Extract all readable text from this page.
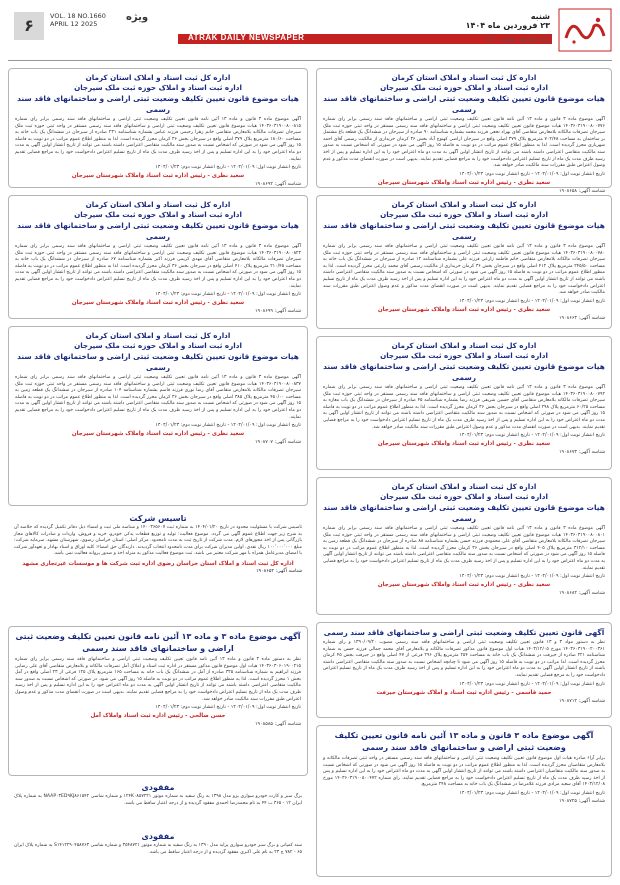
۶	VOL. 18 NO.1660
APRIL 12 2025
ویژه
ATRAK DAILY NEWSPAPER
شنبه
۲۳ فروردین ماه ۱۴۰۴
سال هجدهم، شماره ۱۶۶۰
اداره کل ثبت اسناد و املاک استان کرمان
اداره ثبت اسناد و املاک حوزه ثبت ملک سیرجان
هیات موضوع قانون تعیین تکلیف وضعیت ثبتی اراضی و ساختمانهای فاقد سند رسمی
آگهی موضوع ماده ۳ قانون و ماده ۱۳ آئین نامه قانون تعیین تکلیف وضعیت ثبتی اراضی و ساختمانهای فاقد سند رسمی برابر رای شماره ۱۴۰۳۶۰۳۱۹۰۰۸۰۰۷۷۶ هیات موضوع قانون تعیین تکلیف وضعیت ثبتی اراضی و ساختمانهای فاقد سند رسمی مستقر در واحد ثبتی حوزه ثبت ملک سیرجان تصرفات مالکانه بلامعارض متقاضی آقای بهزاد نخعی فرزند محمد بشماره شناسنامه ۹۰ صادره از سیرجان در ششدانگ یک قطعه باغ مشتمل بر ساختمان به مساحت ۷۰۲/۴۸ مترمربع پلاک ۳۷۹ اصلی واقع در سیرجان اراضی کهنوج آباد بخش ۳۶ کرمان خریداری از مالکیت رسمی آقای احمد شهریاری محرز گردیده است. لذا به منظور اطلاع عموم مراتب در دو نوبت به فاصله ۱۵ روز آگهی می شود در صورتی که اشخاص نسبت به صدور سند مالکیت متقاضی اعتراضی داشته باشند می توانند از تاریخ انتشار اولین آگهی به مدت دو ماه اعتراض خود را به این اداره تسلیم و پس از اخذ رسید ظرف مدت یک ماه از تاریخ تسلیم اعتراض دادخواست خود را به مراجع قضایی تقدیم نمایند. بدیهی است در صورت انقضای مدت مذکور و عدم وصول اعتراض طبق مقررات سند مالکیت صادر خواهد شد.
تاریخ انتشار نوبت اول: ۱۴۰۴/۰۱/۰۹ - تاریخ انتشار نوبت دوم: ۱۴۰۴/۰۱/۲۳
سعید نظری - رئیس اداره ثبت اسناد واملاک شهرستان سیرجان
شناسه آگهی: ۱۹۰۸۶۵۸
اداره کل ثبت اسناد و املاک استان کرمان
اداره ثبت اسناد و املاک حوزه ثبت ملک سیرجان
هیات موضوع قانون تعیین تکلیف وضعیت ثبتی اراضی و ساختمانهای فاقد سند رسمی
آگهی موضوع ماده ۳ قانون و ماده ۱۳ آئین نامه قانون تعیین تکلیف وضعیت ثبتی اراضی و ساختمانهای فاقد سند رسمی برابر رای شماره ۱۴۰۳۶۰۳۱۹۰۰۸۰۰۷۸۰ هیات موضوع قانون تعیین تکلیف وضعیت ثبتی اراضی و ساختمانهای فاقد سند رسمی مستقر در واحد ثبتی حوزه ثبت ملک سیرجان تصرفات مالکانه بلامعارض متقاضی خانم فاطمه زارعی فرزند علی بشماره شناسنامه ۱۲ صادره از سیرجان در ششدانگ یک باب خانه به مساحت ۲۴۵/۵۰ مترمربع پلاک ۴۱۲ اصلی واقع در سیرجان بخش ۳۶ کرمان خریداری از مالکیت رسمی آقای محمد زارعی محرز گردیده است. لذا به منظور اطلاع عموم مراتب در دو نوبت به فاصله ۱۵ روز آگهی می شود در صورتی که اشخاص نسبت به صدور سند مالکیت متقاضی اعتراضی داشته باشند می توانند از تاریخ انتشار اولین آگهی به مدت دو ماه اعتراض خود را به این اداره تسلیم و پس از اخذ رسید ظرف مدت یک ماه از تاریخ تسلیم اعتراض دادخواست خود را به مراجع قضایی تقدیم نمایند. بدیهی است در صورت انقضای مدت مذکور و عدم وصول اعتراض طبق مقررات سند مالکیت صادر خواهد شد.
تاریخ انتشار نوبت اول: ۱۴۰۴/۰۱/۰۹ - تاریخ انتشار نوبت دوم: ۱۴۰۴/۰۱/۲۳
سعید نظری - رئیس اداره ثبت اسناد واملاک شهرستان سیرجان
شناسه آگهی: ۱۹۰۸۶۶۳
اداره کل ثبت اسناد و املاک استان کرمان
اداره ثبت اسناد و املاک حوزه ثبت ملک سیرجان
هیات موضوع قانون تعیین تکلیف وضعیت ثبتی اراضی و ساختمانهای فاقد سند رسمی
آگهی موضوع ماده ۳ قانون و ماده ۱۳ آئین نامه قانون تعیین تکلیف وضعیت ثبتی اراضی و ساختمانهای فاقد سند رسمی برابر رای شماره ۱۴۰۳۶۰۳۱۹۰۰۸۰۰۷۹۲ هیات موضوع قانون تعیین تکلیف وضعیت ثبتی اراضی و ساختمانهای فاقد سند رسمی مستقر در واحد ثبتی حوزه ثبت ملک سیرجان تصرفات مالکانه بلامعارض متقاضی آقای حسین شریفی فرزند رضا بشماره شناسنامه ۴۵ صادره از سیرجان در ششدانگ یک باب مغازه به مساحت ۶۰/۲۵ مترمربع پلاک ۲۹۸ اصلی واقع در سیرجان بخش ۳۶ کرمان محرز گردیده است. لذا به منظور اطلاع عموم مراتب در دو نوبت به فاصله ۱۵ روز آگهی می شود در صورتی که اشخاص نسبت به صدور سند مالکیت متقاضی اعتراضی داشته باشند می توانند از تاریخ انتشار اولین آگهی به مدت دو ماه اعتراض خود را به این اداره تسلیم و پس از اخذ رسید ظرف مدت یک ماه از تاریخ تسلیم اعتراض دادخواست خود را به مراجع قضایی تقدیم نمایند. بدیهی است در صورت انقضای مدت مذکور و عدم وصول اعتراض طبق مقررات سند مالکیت صادر خواهد شد.
تاریخ انتشار نوبت اول: ۱۴۰۴/۰۱/۰۹ - تاریخ انتشار نوبت دوم: ۱۴۰۴/۰۱/۲۳
سعید نظری - رئیس اداره ثبت اسناد واملاک شهرستان سیرجان
شناسه آگهی: ۱۹۰۸۶۷۳
اداره کل ثبت اسناد و املاک استان کرمان
اداره ثبت اسناد و املاک حوزه ثبت ملک سیرجان
هیات موضوع قانون تعیین تکلیف وضعیت ثبتی اراضی و ساختمانهای فاقد سند رسمی
آگهی موضوع ماده ۳ قانون و ماده ۱۳ آئین نامه قانون تعیین تکلیف وضعیت ثبتی اراضی و ساختمانهای فاقد سند رسمی برابر رای شماره ۱۴۰۳۶۰۳۱۹۰۰۸۰۰۸۰۱ هیات موضوع قانون تعیین تکلیف وضعیت ثبتی اراضی و ساختمانهای فاقد سند رسمی مستقر در واحد ثبتی حوزه ثبت ملک سیرجان تصرفات مالکانه بلامعارض متقاضی آقای علی محمودی فرزند حسن بشماره شناسنامه ۸۸ صادره از سیرجان در ششدانگ یک قطعه زمین به مساحت ۳۱۲/۱۰ مترمربع پلاک ۴۰۵ اصلی واقع در سیرجان بخش ۳۶ کرمان محرز گردیده است. لذا به منظور اطلاع عموم مراتب در دو نوبت به فاصله ۱۵ روز آگهی می شود در صورتی که اشخاص نسبت به صدور سند مالکیت متقاضی اعتراضی داشته باشند می توانند از تاریخ انتشار اولین آگهی به مدت دو ماه اعتراض خود را به این اداره تسلیم و پس از اخذ رسید ظرف مدت یک ماه از تاریخ تسلیم اعتراض دادخواست خود را به مراجع قضایی تقدیم نمایند.
تاریخ انتشار نوبت اول: ۱۴۰۴/۰۱/۰۹ - تاریخ انتشار نوبت دوم: ۱۴۰۴/۰۱/۲۳
سعید نظری - رئیس اداره ثبت اسناد واملاک شهرستان سیرجان
شناسه آگهی: ۱۹۰۸۶۸۲
آگهی قانون تعیین تکلیف وضعیت ثبتی اراضی و ساختمانهای فاقد سند رسمی
نظر به دستور مواد ۳ و ۱۳ قانون تعیین تکلیف وضعیت ثبتی اراضی و ساختمانهای فاقد سند رسمی مصوب ۱۳۹۰/۰۹/۲۰ و رای شماره ۱۴۰۳۶۰۳۱۹۰۰۲۰۰۳۶۱ مورخ ۱۴۰۳/۱۲/۰۵ هیات اول موضوع قانون مذکور تصرفات مالکانه و بلامعارض آقای محمد جمالی فرزند حسن به شماره شناسنامه ۲۲۱ صادره از جیرفت در ششدانگ یک باب خانه به مساحت ۲۵۴ مترمربع پلاک ۲۹۶ فرعی از ۴۷ اصلی واقع در جیرفت بخش ۴۵ کرمان محرز گردیده است. لذا مراتب در دو نوبت به فاصله ۱۵ روز آگهی می شود تا چنانچه اشخاص نسبت به صدور سند مالکیت متقاضی اعتراضی داشته باشند از تاریخ انتشار اولین آگهی به مدت دو ماه اعتراض خود را به این اداره تسلیم و پس از اخذ رسید ظرف مدت یک ماه از تاریخ تسلیم اعتراض دادخواست خود را به مرجع قضایی تقدیم نمایند.
تاریخ انتشار نوبت اول: ۱۴۰۴/۰۱/۰۹ - تاریخ انتشار نوبت دوم: ۱۴۰۴/۰۱/۲۳
حمید قاسمی - رئیس اداره ثبت اسناد و املاک شهرستان جیرفت
شناسه آگهی: ۱۹۰۸۷۱۲
آگهی موضوع ماده ۳ قانون و ماده ۱۳ آئین نامه قانون تعیین تکلیف وضعیت ثبتی اراضی و ساختمانهای فاقد سند رسمی
برابر آراء صادره هیات اول موضوع قانون تعیین تکلیف وضعیت ثبتی اراضی و ساختمانهای فاقد سند رسمی مستقر در واحد ثبتی تصرفات مالکانه و بلامعارض متقاضیان محرز گردیده است. لذا به منظور اطلاع عموم مراتب در دو نوبت به فاصله ۱۵ روز آگهی می شود در صورتی که اشخاص نسبت به صدور سند مالکیت متقاضیان اعتراضی داشته باشند می توانند از تاریخ انتشار اولین آگهی به مدت دو ماه اعتراض خود را به این اداره تسلیم و پس از اخذ رسید ظرف مدت یک ماه از تاریخ تسلیم اعتراض دادخواست خود را به مراجع قضایی تقدیم نمایند. رای شماره ۱۴۰۳۶۰۳۱۹۰۰۵۰۰۴۷۲ مورخ ۱۴۰۳/۱۲/۰۸ آقای سعید مرادی فرزند غلامرضا در ششدانگ یک باب خانه به مساحت ۲۴۸ مترمربع.
تاریخ انتشار نوبت اول: ۱۴۰۴/۰۱/۰۹ - تاریخ انتشار نوبت دوم: ۱۴۰۴/۰۱/۲۳
شناسه آگهی: ۱۹۰۸۷۲۵
اداره کل ثبت اسناد و املاک استان کرمان
اداره ثبت اسناد و املاک حوزه ثبت ملک سیرجان
هیات موضوع قانون تعیین تکلیف وضعیت ثبتی اراضی و ساختمانهای فاقد سند رسمی
آگهی موضوع ماده ۳ قانون و ماده ۱۳ آئین نامه قانون تعیین تکلیف وضعیت ثبتی اراضی و ساختمانهای فاقد سند رسمی برابر رای شماره ۱۴۰۳۶۰۳۱۹۰۰۸۰۰۸۱۵ هیات موضوع قانون تعیین تکلیف وضعیت ثبتی اراضی و ساختمانهای فاقد سند رسمی مستقر در واحد ثبتی حوزه ثبت ملک سیرجان تصرفات مالکانه بلامعارض متقاضی خانم زهرا رحیمی فرزند عباس بشماره شناسنامه ۲۳۱ صادره از سیرجان در ششدانگ یک باب خانه به مساحت ۱۸۰/۶۰ مترمربع پلاک ۳۷۹ اصلی واقع در سیرجان بخش ۳۶ کرمان محرز گردیده است. لذا به منظور اطلاع عموم مراتب در دو نوبت به فاصله ۱۵ روز آگهی می شود در صورتی که اشخاص نسبت به صدور سند مالکیت متقاضی اعتراضی داشته باشند می توانند از تاریخ انتشار اولین آگهی به مدت دو ماه اعتراض خود را به این اداره تسلیم و پس از اخذ رسید ظرف مدت یک ماه از تاریخ تسلیم اعتراض دادخواست خود را به مراجع قضایی تقدیم نمایند.
تاریخ انتشار نوبت اول: ۱۴۰۴/۰۱/۰۹ - تاریخ انتشار نوبت دوم: ۱۴۰۴/۰۱/۲۳
سعید نظری - رئیس اداره ثبت اسناد واملاک شهرستان سیرجان
شناسه آگهی: ۱۹۰۸۶۹۲
اداره کل ثبت اسناد و املاک استان کرمان
اداره ثبت اسناد و املاک حوزه ثبت ملک سیرجان
هیات موضوع قانون تعیین تکلیف وضعیت ثبتی اراضی و ساختمانهای فاقد سند رسمی
آگهی موضوع ماده ۳ قانون و ماده ۱۳ آئین نامه قانون تعیین تکلیف وضعیت ثبتی اراضی و ساختمانهای فاقد سند رسمی برابر رای شماره ۱۴۰۳۶۰۳۱۹۰۰۸۰۰۸۲۳ هیات موضوع قانون تعیین تکلیف وضعیت ثبتی اراضی و ساختمانهای فاقد سند رسمی مستقر در واحد ثبتی حوزه ثبت ملک سیرجان تصرفات مالکانه بلامعارض متقاضی آقای مهدی کریمی فرزند اکبر بشماره شناسنامه ۶۷ صادره از سیرجان در ششدانگ یک باب خانه به مساحت ۲۱۰/۴۵ مترمربع پلاک ۴۱۰ اصلی واقع در سیرجان بخش ۳۶ کرمان محرز گردیده است. لذا به منظور اطلاع عموم مراتب در دو نوبت به فاصله ۱۵ روز آگهی می شود در صورتی که اشخاص نسبت به صدور سند مالکیت متقاضی اعتراضی داشته باشند می توانند از تاریخ انتشار اولین آگهی به مدت دو ماه اعتراض خود را به این اداره تسلیم و پس از اخذ رسید ظرف مدت یک ماه از تاریخ تسلیم اعتراض دادخواست خود را به مراجع قضایی تقدیم نمایند.
تاریخ انتشار نوبت اول: ۱۴۰۴/۰۱/۰۹ - تاریخ انتشار نوبت دوم: ۱۴۰۴/۰۱/۲۳
سعید نظری - رئیس اداره ثبت اسناد واملاک شهرستان سیرجان
شناسه آگهی: ۱۹۰۸۶۹۹
اداره کل ثبت اسناد و املاک استان کرمان
اداره ثبت اسناد و املاک حوزه ثبت ملک سیرجان
هیات موضوع قانون تعیین تکلیف وضعیت ثبتی اراضی و ساختمانهای فاقد سند رسمی
آگهی موضوع ماده ۳ قانون و ماده ۱۳ آئین نامه قانون تعیین تکلیف وضعیت ثبتی اراضی و ساختمانهای فاقد سند رسمی برابر رای شماره ۱۴۰۳۶۰۳۱۹۰۰۸۰۰۸۳۷ هیات موضوع قانون تعیین تکلیف وضعیت ثبتی اراضی و ساختمانهای فاقد سند رسمی مستقر در واحد ثبتی حوزه ثبت ملک سیرجان تصرفات مالکانه بلامعارض متقاضی آقای رضا نوری فرزند قاسم بشماره شناسنامه ۱۰۴ صادره از سیرجان در ششدانگ یک قطعه زمین به مساحت ۴۵۰/۰۰ مترمربع پلاک ۳۸۵ اصلی واقع در سیرجان بخش ۳۶ کرمان محرز گردیده است. لذا به منظور اطلاع عموم مراتب در دو نوبت به فاصله ۱۵ روز آگهی می شود در صورتی که اشخاص نسبت به صدور سند مالکیت متقاضی اعتراضی داشته باشند می توانند از تاریخ انتشار اولین آگهی به مدت دو ماه اعتراض خود را به این اداره تسلیم و پس از اخذ رسید ظرف مدت یک ماه از تاریخ تسلیم اعتراض دادخواست خود را به مراجع قضایی تقدیم نمایند.
تاریخ انتشار نوبت اول: ۱۴۰۴/۰۱/۰۹ - تاریخ انتشار نوبت دوم: ۱۴۰۴/۰۱/۲۳
سعید نظری - رئیس اداره ثبت اسناد واملاک شهرستان سیرجان
شناسه آگهی: ۱۹۰۸۷۰۷
تاسیس شرکت
تاسیس شرکت با مسئولیت محدود در تاریخ ۱۴۰۴/۰۱/۲۰ به شماره ثبت ۱۴۰۰۳۶۵۶۰۷ و شناسه ملی ثبت و امضاء ذیل دفاتر تکمیل گردیده که خلاصه آن به شرح زیر جهت اطلاع عموم آگهی می گردد. موضوع فعالیت: تولید و توزیع قطعات یدکی خودرو، خرید و فروش، واردات و صادرات کالاهای مجاز بازرگانی پس از اخذ مجوزهای لازم. مدت شرکت از تاریخ ثبت به مدت نامحدود. مرکز اصلی: استان خراسان رضوی، شهرستان مشهد. سرمایه شرکت: مبلغ ۱۰۰٬۰۰۰٬۰۰۰ ریال نقدی. اولین مدیران شرکت برای مدت نامحدود انتخاب گردیدند. دارندگان حق امضاء: کلیه اوراق و اسناد بهادار و تعهدآور شرکت با امضای مدیرعامل همراه با مهر شرکت معتبر می باشد. ثبت موضوع فعالیت مذکور به منزله اخذ و صدور پروانه فعالیت نمی باشد.
اداره کل ثبت اسناد و املاک استان خراسان رضوی اداره ثبت شرکت ها و موسسات غیرتجاری مشهد
شناسه آگهی: ۱۹۰۸۶۵۲
آگهی موضوع ماده ۳ و ماده ۱۳ آئین نامه قانون تعیین تکلیف وضعیت ثبتی اراضی و ساختمانهای فاقد سند رسمی
نظر به دستور ماده ۳ قانون و ماده ۱۳ آئین نامه قانون تعیین تکلیف وضعیت ثبتی اراضی و ساختمانهای فاقد سند رسمی برابر رای شماره ۱۴۰۳۶۰۳۰۶۰۱۹۰۰۲۱۵ هیات اول موضوع قانون مذکور مستقر در اداره ثبت اسناد و املاک آمل تصرفات مالکانه و بلامعارض متقاضی آقای علی رضایی فرزند ابراهیم به شماره شناسنامه ۳۲۵ صادره از آمل در ششدانگ یک باب خانه به مساحت ۱۶۵ مترمربع پلاک ۱۲۵ فرعی از ۲۳ اصلی واقع در آمل بخش ۱ محرز گردیده است. لذا به منظور اطلاع عموم مراتب در دو نوبت به فاصله ۱۵ روز آگهی می شود. در صورتی که اشخاص نسبت به صدور سند مالکیت متقاضی اعتراضی داشته باشند می توانند از تاریخ انتشار اولین آگهی به مدت دو ماه اعتراض خود را به این اداره تسلیم و پس از اخذ رسید ظرف مدت یک ماه از تاریخ تسلیم اعتراض دادخواست خود را به مراجع قضایی تقدیم نمایند. بدیهی است در صورت انقضای مدت مذکور و عدم وصول اعتراض طبق مقررات سند مالکیت صادر خواهد شد.
تاریخ انتشار نوبت اول: ۱۴۰۴/۰۱/۰۹ - تاریخ انتشار نوبت دوم: ۱۴۰۴/۰۱/۲۳
حسن صالحی - رئیس اداره ثبت اسناد واملاک آمل
شناسه آگهی: ۱۹۰۸۵۸۵
مفقودی
برگ سبز و کارت خودرو سواری پژو مدل ۱۳۹۸ به رنگ سفید به شماره موتور ۱۲۴K۰۸۵۷۲۲۱ و شماره شاسی NAAP۰۳ED۹KJ۸۶۱۵۴۲ به شماره پلاک ایران ۱۲ - ۳۶۵ ب ۴۴ به نام محمدرضا احمدی مفقود گردیده و از درجه اعتبار ساقط می باشد.
مفقودی
سند کمپانی و برگ سبز خودرو سواری پراید مدل ۱۳۹۰ به رنگ سفید به شماره موتور ۳۵۴۸۷۲۱ و شماره شاسی S۱۴۱۲۲۹۰۴۵۸۷۶۳ به شماره پلاک ایران ۶۵ - ۷۸۲ ج ۲۳ به نام علی اکبری مفقود گردیده و از درجه اعتبار ساقط می باشد.
